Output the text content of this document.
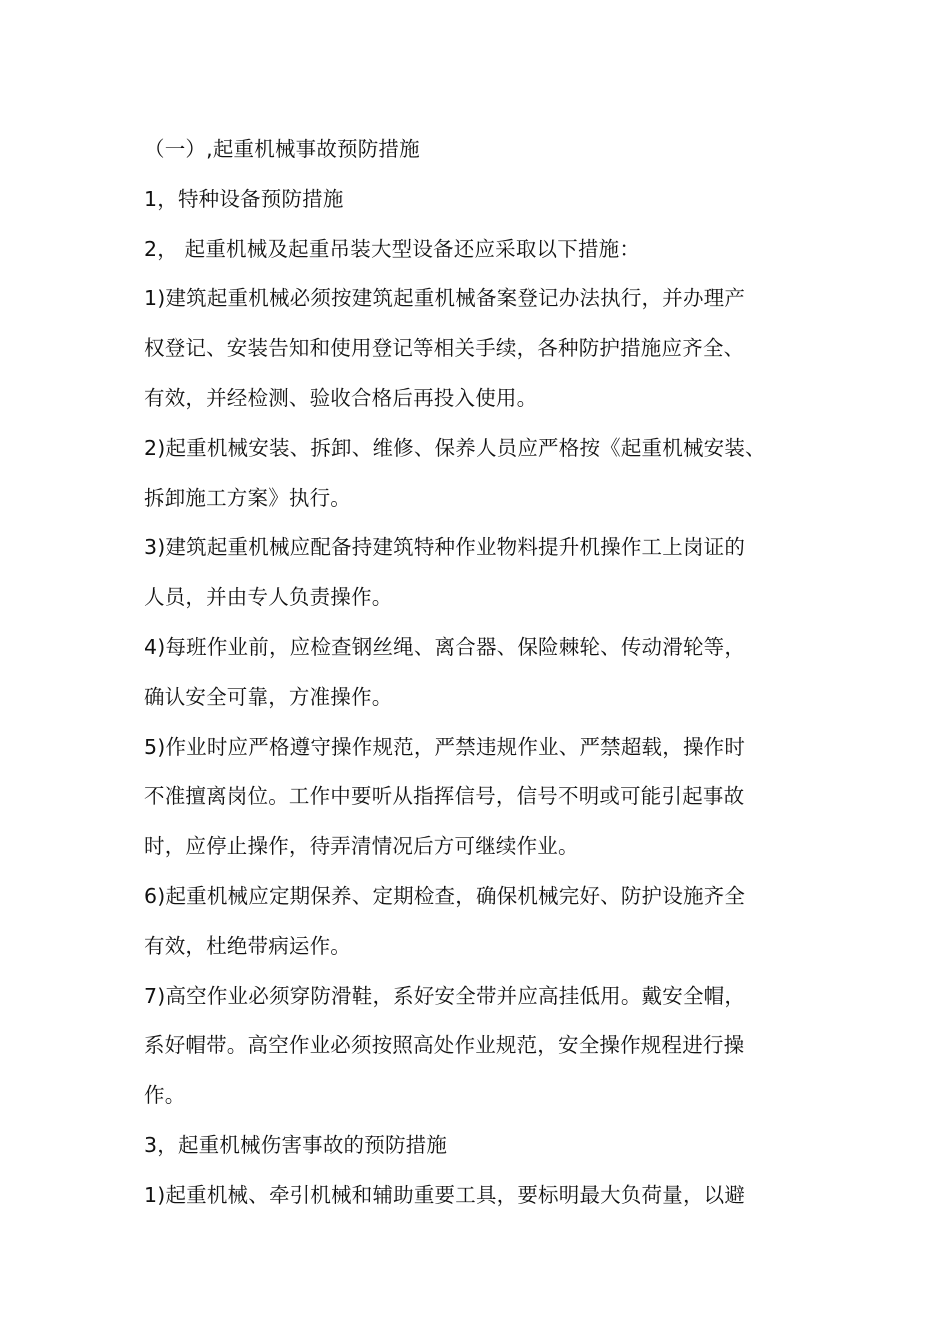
（一）,起重机械事故预防措施
1，特种设备预防措施
2， 起重机械及起重吊装大型设备还应采取以下措施：
1)建筑起重机械必须按建筑起重机械备案登记办法执行，并办理产
权登记、安装告知和使用登记等相关手续，各种防护措施应齐全、
有效，并经检测、验收合格后再投入使用。
2)起重机械安装、拆卸、维修、保养人员应严格按《起重机械安装、
拆卸施工方案》执行。
3)建筑起重机械应配备持建筑特种作业物料提升机操作工上岗证的
人员，并由专人负责操作。
4)每班作业前，应检查钢丝绳、离合器、保险棘轮、传动滑轮等，
确认安全可靠，方准操作。
5)作业时应严格遵守操作规范，严禁违规作业、严禁超载，操作时
不准擅离岗位。工作中要听从指挥信号，信号不明或可能引起事故
时，应停止操作，待弄清情况后方可继续作业。
6)起重机械应定期保养、定期检查，确保机械完好、防护设施齐全
有效，杜绝带病运作。
7)高空作业必须穿防滑鞋，系好安全带并应高挂低用。戴安全帽，
系好帽带。高空作业必须按照高处作业规范，安全操作规程进行操
作。
3，起重机械伤害事故的预防措施
1)起重机械、牵引机械和辅助重要工具，要标明最大负荷量，以避
